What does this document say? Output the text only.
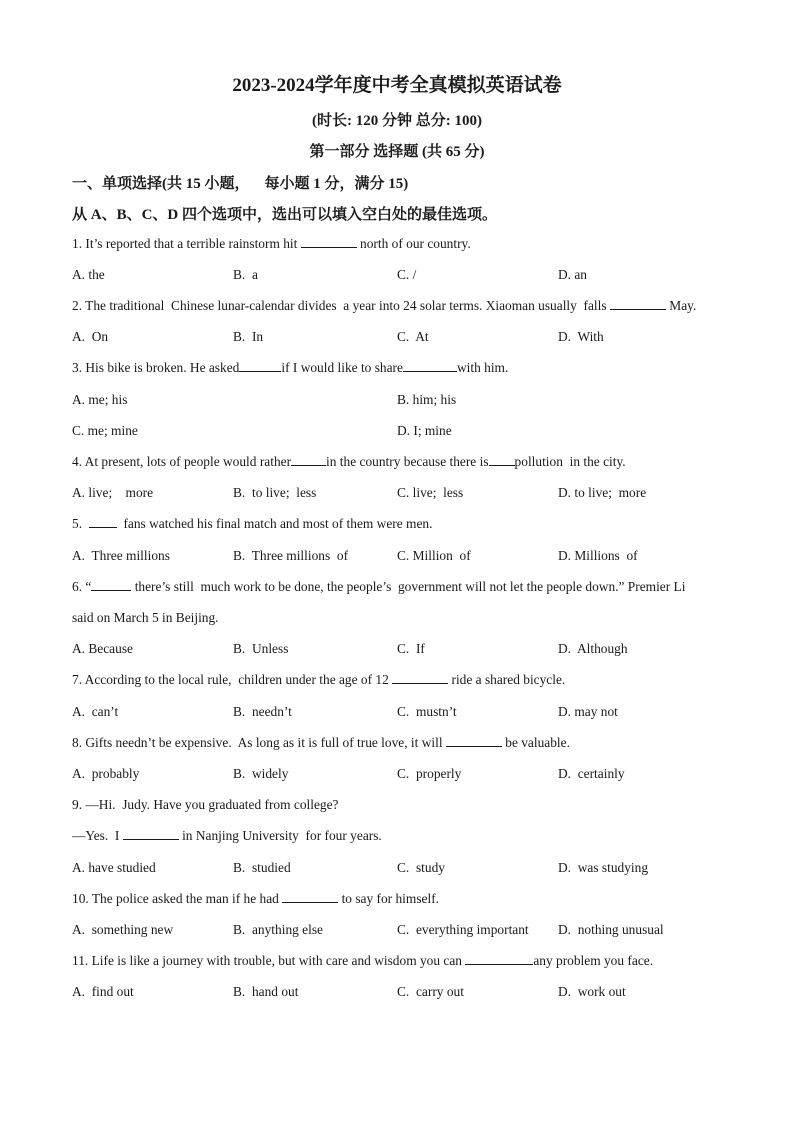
2023-2024学年度中考全真模拟英语试卷
(时长: 120 分钟 总分: 100)
第一部分 选择题 (共 65 分)
一、单项选择(共 15 小题，    每小题 1 分，满分 15)
从 A、B、C、D 四个选项中，选出可以填入空白处的最佳选项。
1. It’s reported that a terrible rainstorm hit	north of our country.
A. the	B.  a	C. /	D. an
2. The traditional  Chinese lunar-calendar divides  a year into 24 solar terms. Xiaoman usually  falls	May.
A.  On	B.  In	C.  At	D.  With
3. His bike is broken. He asked	if I would like to share	with him.
A. me; his	B. him; his
C. me; mine	D. I; mine
4. At present, lots of people would rather	in the country because there is pollution  in the city.
A. live;    more	B.  to live;  less	C. live;  less	D. to live;  more
5.    fans watched his final match and most of them were men.
A.  Three millions	B.  Three millions  of	C. Million  of	D. Millions  of
6. “	there’s still  much work to be done, the people’s  government will not let the people down.” Premier Li
said on March 5 in Beijing.
A. Because	B.  Unless	C.  If	D.  Although
7. According to the local rule,  children under the age of 12	ride a shared bicycle.
A.  can’t	B.  needn’t	C.  mustn’t	D. may not
8. Gifts needn’t be expensive.  As long as it is full of true love, it will	be valuable.
A.  probably	B.  widely	C.  properly	D.  certainly
9. —Hi.  Judy. Have you graduated from college?
—Yes.  I	in Nanjing University  for four years.
A. have studied	B.  studied	C.  study	D.  was studying
10. The police asked the man if he had	to say for himself.
A.  something new	B.  anything else	C.  everything important D.  nothing unusual
11. Life is like a journey with trouble, but with care and wisdom you can	any problem you face.
A.  find out	B.  hand out	C.  carry out	D.  work out
